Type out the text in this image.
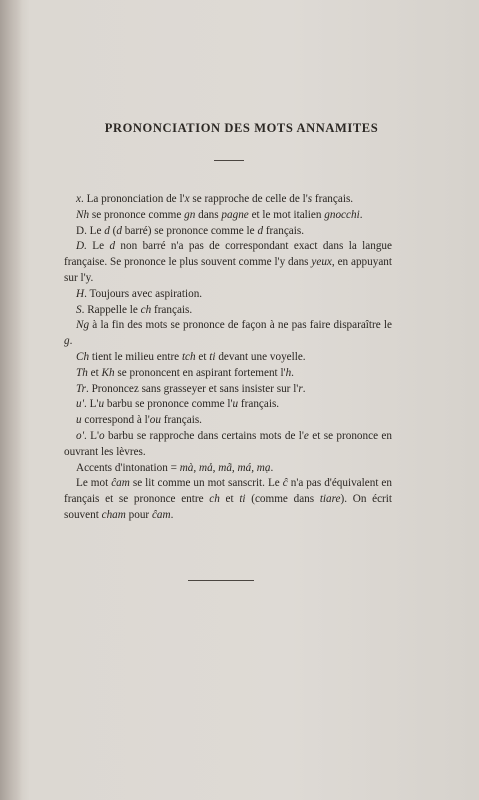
PRONONCIATION DES MOTS ANNAMITES

x. La prononciation de l'x se rapproche de celle de l's français.

Nh se prononce comme gn dans pagne et le mot italien gnocchi.

D. Le d (d barré) se prononce comme le d français.

D. Le d non barré n'a pas de correspondant exact dans la langue française. Se prononce le plus souvent comme l'y dans yeux, en appuyant sur l'y.

H. Toujours avec aspiration.

S. Rappelle le ch français.

Ng à la fin des mots se prononce de façon à ne pas faire disparaître le g.

Ch tient le milieu entre tch et ti devant une voyelle.

Th et Kh se prononcent en aspirant fortement l'h.

Tr. Prononcez sans grasseyer et sans insister sur l'r.

u'. L'u barbu se prononce comme l'u français.

u correspond à l'ou français.

o'. L'o barbu se rapproche dans certains mots de l'e et se prononce en ouvrant les lèvres.

Accents d'intonation = mà, mả, mã, má, mạ.

Le mot ĉam se lit comme un mot sanscrit. Le ĉ n'a pas d'équivalent en français et se prononce entre ch et ti (comme dans tiare). On écrit souvent cham pour ĉam.
